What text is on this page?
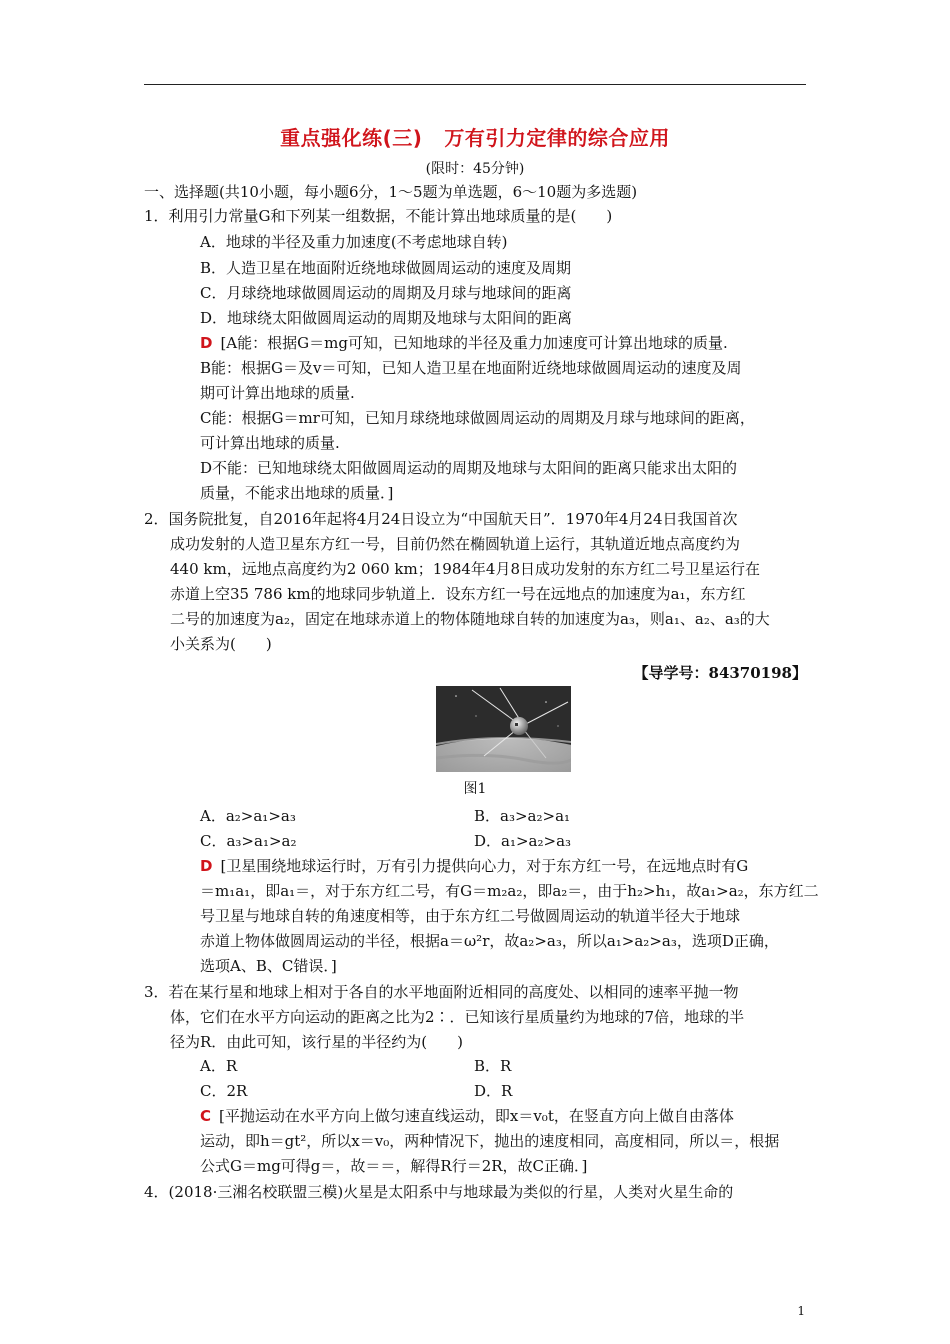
重点强化练(三) 万有引力定律的综合应用
(限时：45分钟)
一、选择题(共10小题，每小题6分，1～5题为单选题，6～10题为多选题)
1．利用引力常量G和下列某一组数据，不能计算出地球质量的是(　　)
A．地球的半径及重力加速度(不考虑地球自转)
B．人造卫星在地面附近绕地球做圆周运动的速度及周期
C．月球绕地球做圆周运动的周期及月球与地球间的距离
D．地球绕太阳做圆周运动的周期及地球与太阳间的距离
D [A能：根据G＝mg可知，已知地球的半径及重力加速度可计算出地球的质量.
B能：根据G＝及v＝可知，已知人造卫星在地面附近绕地球做圆周运动的速度及周
期可计算出地球的质量.
C能：根据G＝mr可知，已知月球绕地球做圆周运动的周期及月球与地球间的距离，
可计算出地球的质量.
D不能：已知地球绕太阳做圆周运动的周期及地球与太阳间的距离只能求出太阳的
质量，不能求出地球的质量．]
2．国务院批复，自2016年起将4月24日设立为“中国航天日”．1970年4月24日我国首次
成功发射的人造卫星东方红一号，目前仍然在椭圆轨道上运行，其轨道近地点高度约为
440 km，远地点高度约为2 060 km；1984年4月8日成功发射的东方红二号卫星运行在
赤道上空35 786 km的地球同步轨道上．设东方红一号在远地点的加速度为a₁，东方红
二号的加速度为a₂，固定在地球赤道上的物体随地球自转的加速度为a₃，则a₁、a₂、a₃的大
小关系为(　　)
【导学号：84370198】
图1
A．a₂>a₁>a₃	B．a₃>a₂>a₁
C．a₃>a₁>a₂	D．a₁>a₂>a₃
D [卫星围绕地球运行时，万有引力提供向心力，对于东方红一号，在远地点时有G
＝m₁a₁，即a₁＝，对于东方红二号，有G＝m₂a₂，即a₂＝，由于h₂>h₁，故a₁>a₂，东方红二
号卫星与地球自转的角速度相等，由于东方红二号做圆周运动的轨道半径大于地球
赤道上物体做圆周运动的半径，根据a＝ω²r，故a₂>a₃，所以a₁>a₂>a₃，选项D正确，
选项A、B、C错误．]
3．若在某行星和地球上相对于各自的水平地面附近相同的高度处、以相同的速率平抛一物
体，它们在水平方向运动的距离之比为2∶．已知该行星质量约为地球的7倍，地球的半
径为R．由此可知，该行星的半径约为(　　)
A．R	B．R
C．2R	D．R
C [平抛运动在水平方向上做匀速直线运动，即x＝v₀t，在竖直方向上做自由落体
运动，即h＝gt²，所以x＝v₀，两种情况下，抛出的速度相同，高度相同，所以＝，根据
公式G＝mg可得g＝，故＝＝，解得R行＝2R，故C正确．]
4．(2018·三湘名校联盟三模)火星是太阳系中与地球最为类似的行星，人类对火星生命的
1
